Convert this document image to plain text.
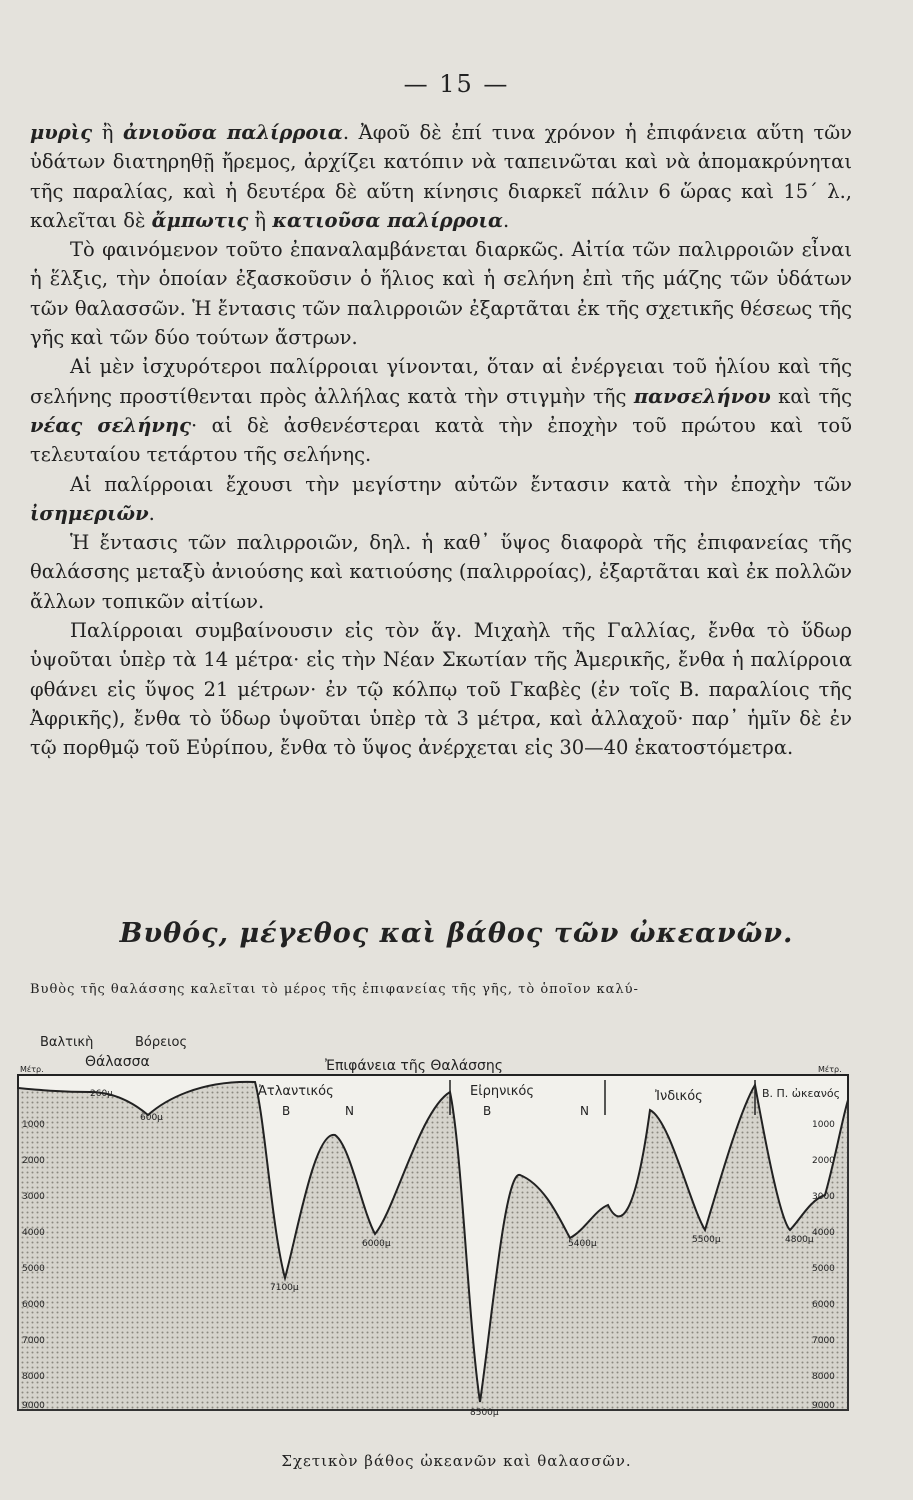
— 15 —

μυρὶς ἢ ἀνιοῦσα παλίρροια. Ἀφοῦ δὲ ἐπί τινα χρόνον ἡ ἐπιφάνεια αὕτη τῶν ὑδάτων διατηρηθῇ ἤρεμος, ἀρχίζει κατόπιν νὰ ταπεινῶται καὶ νὰ ἀπομακρύνηται τῆς παραλίας, καὶ ἡ δευτέρα δὲ αὕτη κίνησις διαρκεῖ πάλιν 6 ὥρας καὶ 15΄ λ., καλεῖται δὲ ἄμπωτις ἢ κατιοῦσα παλίρροια.

Τὸ φαινόμενον τοῦτο ἐπαναλαμβάνεται διαρκῶς. Αἰτία τῶν παλιρροιῶν εἶναι ἡ ἕλξις, τὴν ὁποίαν ἐξασκοῦσιν ὁ ἥλιος καὶ ἡ σελήνη ἐπὶ τῆς μάζης τῶν ὑδάτων τῶν θαλασσῶν. Ἡ ἔντασις τῶν παλιρροιῶν ἐξαρτᾶται ἐκ τῆς σχετικῆς θέσεως τῆς γῆς καὶ τῶν δύο τούτων ἄστρων.

Αἱ μὲν ἰσχυρότεροι παλίρροιαι γίνονται, ὅταν αἱ ἐνέργειαι τοῦ ἡλίου καὶ τῆς σελήνης προστίθενται πρὸς ἀλλήλας κατὰ τὴν στιγμὴν τῆς πανσελήνου καὶ τῆς νέας σελήνης· αἱ δὲ ἀσθενέστεραι κατὰ τὴν ἐποχὴν τοῦ πρώτου καὶ τοῦ τελευταίου τετάρτου τῆς σελήνης.

Αἱ παλίρροιαι ἔχουσι τὴν μεγίστην αὐτῶν ἔντασιν κατὰ τὴν ἐποχὴν τῶν ἰσημεριῶν.

Ἡ ἔντασις τῶν παλιρροιῶν, δηλ. ἡ καθ᾿ ὕψος διαφορὰ τῆς ἐπιφανείας τῆς θαλάσσης μεταξὺ ἀνιούσης καὶ κατιούσης (παλιρροίας), ἐξαρτᾶται καὶ ἐκ πολλῶν ἄλλων τοπικῶν αἰτίων.

Παλίρροιαι συμβαίνουσιν εἰς τὸν ἅγ. Μιχαὴλ τῆς Γαλλίας, ἔνθα τὸ ὕδωρ ὑψοῦται ὑπὲρ τὰ 14 μέτρα· εἰς τὴν Νέαν Σκωτίαν τῆς Ἀμερικῆς, ἔνθα ἡ παλίρροια φθάνει εἰς ὕψος 21 μέτρων· ἐν τῷ κόλπῳ τοῦ Γκαβὲς (ἐν τοῖς Β. παραλίοις τῆς Ἀφρικῆς), ἔνθα τὸ ὕδωρ ὑψοῦται ὑπὲρ τὰ 3 μέτρα, καὶ ἀλλαχοῦ· παρ᾿ ἡμῖν δὲ ἐν τῷ πορθμῷ τοῦ Εὐρίπου, ἔνθα τὸ ὕψος ἀνέρχεται εἰς 30—40 ἑκατοστόμετρα.

Βυθός, μέγεθος καὶ βάθος τῶν ὠκεανῶν.
Βυθὸς τῆς θαλάσσης καλεῖται τὸ μέρος τῆς ἐπιφανείας τῆς γῆς, τὸ ὁποῖον καλύ-
1000
2000
3000
4000
5000
6000
7000
8000
9000
1000
2000
3000
4000
5000
6000
7000
8000
9000
Βαλτικὴ	Βόρειος
Θάλασσα	Ἐπιφάνεια τῆς Θαλάσσης
Μέτρ.	Μέτρ.
Ἀτλαντικός
B	N
Εἰρηνικός
B	N
Ἰνδικός	Β. Π. ὠκεανός
260μ
600μ
7100μ
6000μ
8500μ
5400μ	5500μ	4800μ
Σχετικὸν βάθος ὠκεανῶν καὶ θαλασσῶν.
